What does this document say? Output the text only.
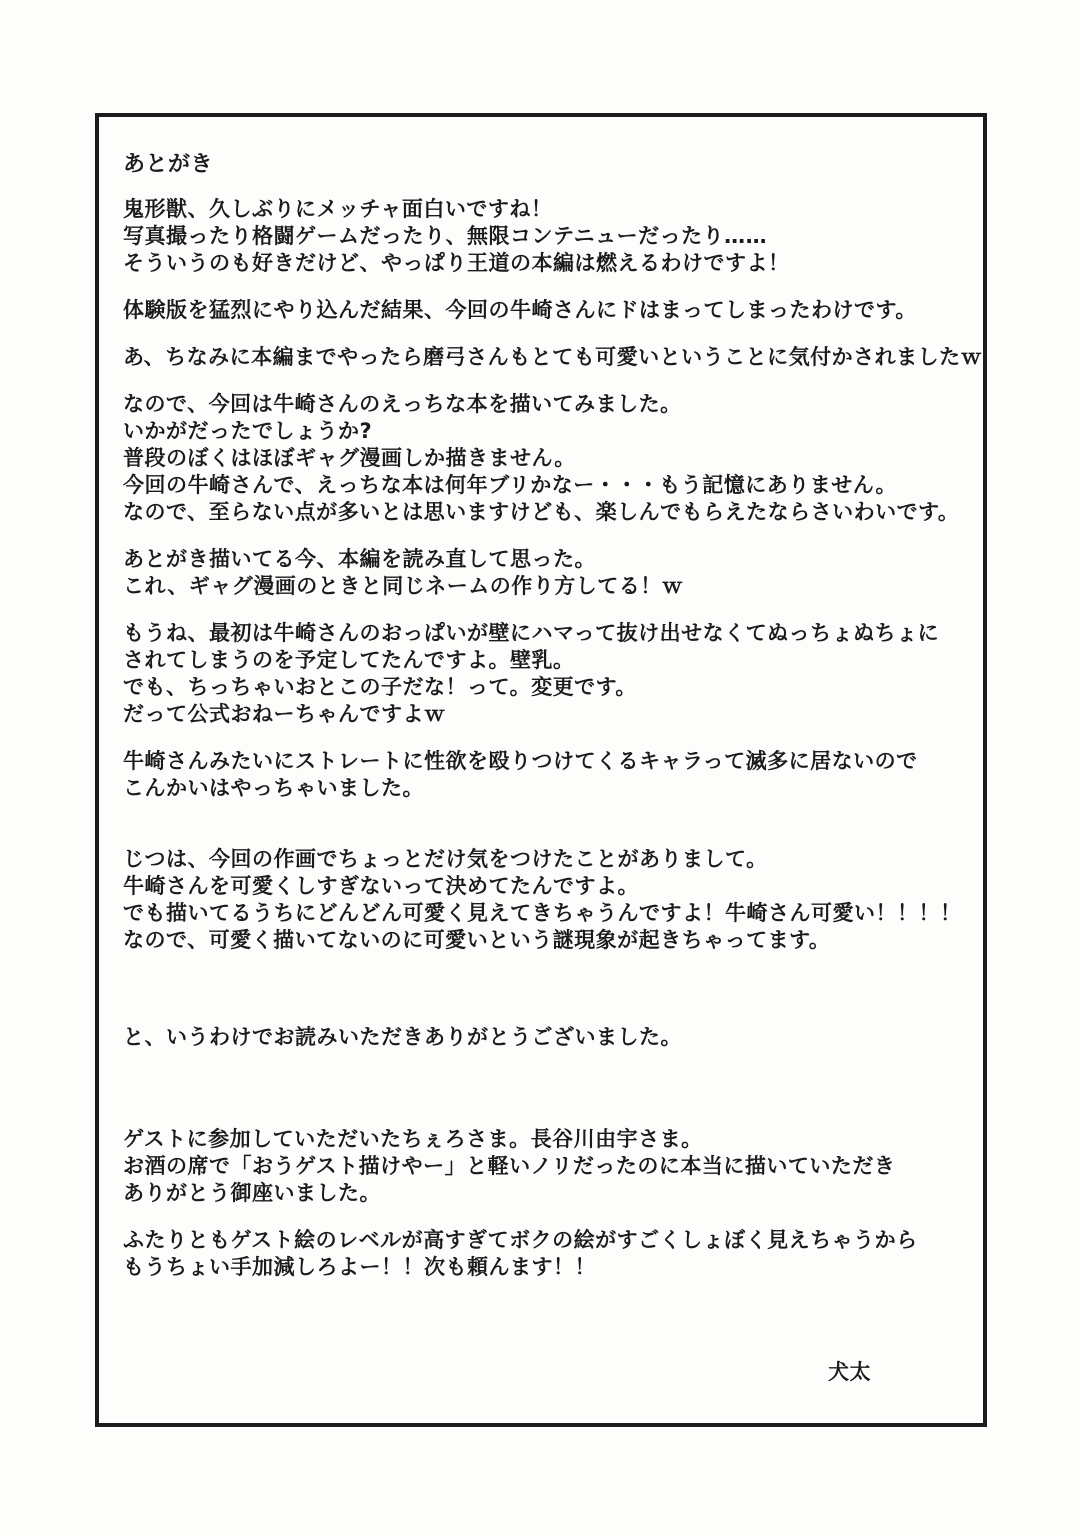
あとがき
鬼形獣、久しぶりにメッチャ面白いですね！
写真撮ったり格闘ゲームだったり、無限コンテニューだったり……
そういうのも好きだけど、やっぱり王道の本編は燃えるわけですよ！
体験版を猛烈にやり込んだ結果、今回の牛崎さんにドはまってしまったわけです。
あ、ちなみに本編までやったら磨弓さんもとても可愛いということに気付かされましたｗ
なので、今回は牛崎さんのえっちな本を描いてみました。
いかがだったでしょうか?
普段のぼくはほぼギャグ漫画しか描きません。
今回の牛崎さんで、えっちな本は何年ブリかなー・・・もう記憶にありません。
なので、至らない点が多いとは思いますけども、楽しんでもらえたならさいわいです。
あとがき描いてる今、本編を読み直して思った。
これ、ギャグ漫画のときと同じネームの作り方してる！ｗ
もうね、最初は牛崎さんのおっぱいが壁にハマって抜け出せなくてぬっちょぬちょに
されてしまうのを予定してたんですよ。壁乳。
でも、ちっちゃいおとこの子だな！って。変更です。
だって公式おねーちゃんですよｗ
牛崎さんみたいにストレートに性欲を殴りつけてくるキャラって滅多に居ないので
こんかいはやっちゃいました。
じつは、今回の作画でちょっとだけ気をつけたことがありまして。
牛崎さんを可愛くしすぎないって決めてたんですよ。
でも描いてるうちにどんどん可愛く見えてきちゃうんですよ！牛崎さん可愛い！！！！
なので、可愛く描いてないのに可愛いという謎現象が起きちゃってます。
と、いうわけでお読みいただきありがとうございました。
ゲストに参加していただいたちぇろさま。長谷川由宇さま。
お酒の席で「おうゲスト描けやー」と軽いノリだったのに本当に描いていただき
ありがとう御座いました。
ふたりともゲスト絵のレベルが高すぎてボクの絵がすごくしょぼく見えちゃうから
もうちょい手加減しろよー！！次も頼んます！！
犬太
